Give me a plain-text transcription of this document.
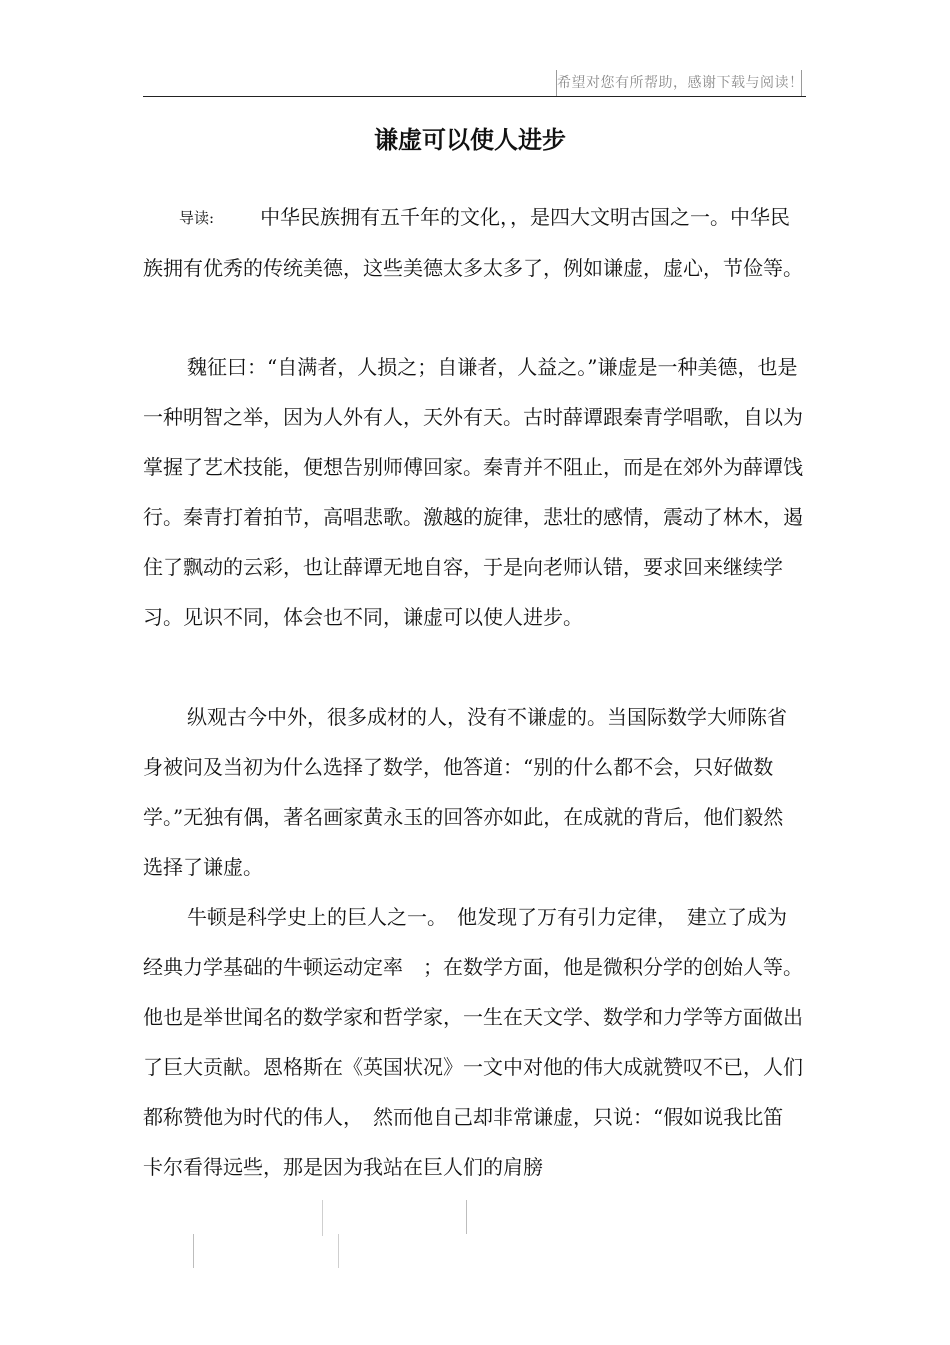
希望对您有所帮助，感谢下载与阅读！
谦虚可以使人进步

导读: 中华民族拥有五千年的文化，，是四大文明古国之一。中华民族拥有优秀的传统美德，这些美德太多太多了，例如谦虚，虚心，节俭等。

魏征曰：“自满者，人损之；自谦者，人益之。”谦虚是一种美德，也是一种明智之举，因为人外有人，天外有天。古时薛谭跟秦青学唱歌，自以为掌握了艺术技能，便想告别师傅回家。秦青并不阻止，而是在郊外为薛谭饯行。秦青打着拍节，高唱悲歌。激越的旋律，悲壮的感情，震动了林木，遏住了飘动的云彩，也让薛谭无地自容，于是向老师认错，要求回来继续学习。见识不同，体会也不同，谦虚可以使人进步。

纵观古今中外，很多成材的人，没有不谦虚的。当国际数学大师陈省身被问及当初为什么选择了数学，他答道：“别的什么都不会，只好做数学。”无独有偶，著名画家黄永玉的回答亦如此，在成就的背后，他们毅然选择了谦虚。

牛顿是科学史上的巨人之一。　他发现了万有引力定律，　建立了成为经典力学基础的牛顿运动定率　；在数学方面，他是微积分学的创始人等。他也是举世闻名的数学家和哲学家，一生在天文学、数学和力学等方面做出了巨大贡献。恩格斯在《英国状况》一文中对他的伟大成就赞叹不已，人们都称赞他为时代的伟人，　然而他自己却非常谦虚，只说：“假如说我比笛卡尔看得远些，那是因为我站在巨人们的肩膀
